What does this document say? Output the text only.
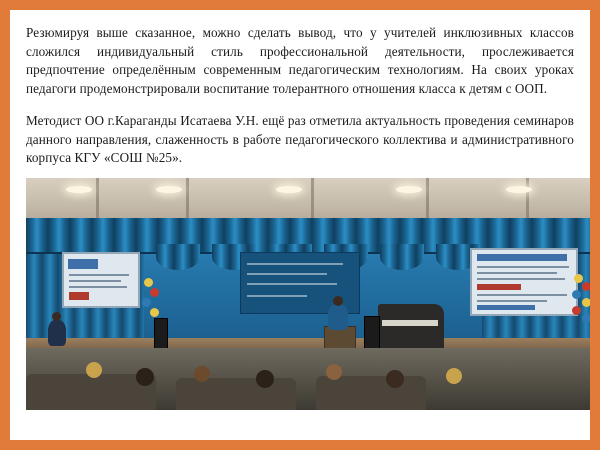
Резюмируя выше сказанное, можно сделать вывод, что у учителей инклюзивных классов сложился индивидуальный стиль профессиональной деятельности, прослеживается предпочтение определённым современным педагогическим технологиям. На своих уроках педагоги продемонстрировали воспитание толерантного отношения класса к детям с ООП.

Методист ОО г.Караганды Исатаева У.Н. ещё раз отметила актуальность проведения семинаров данного направления, слаженность в работе педагогического коллектива и административного корпуса КГУ «СОШ №25».
